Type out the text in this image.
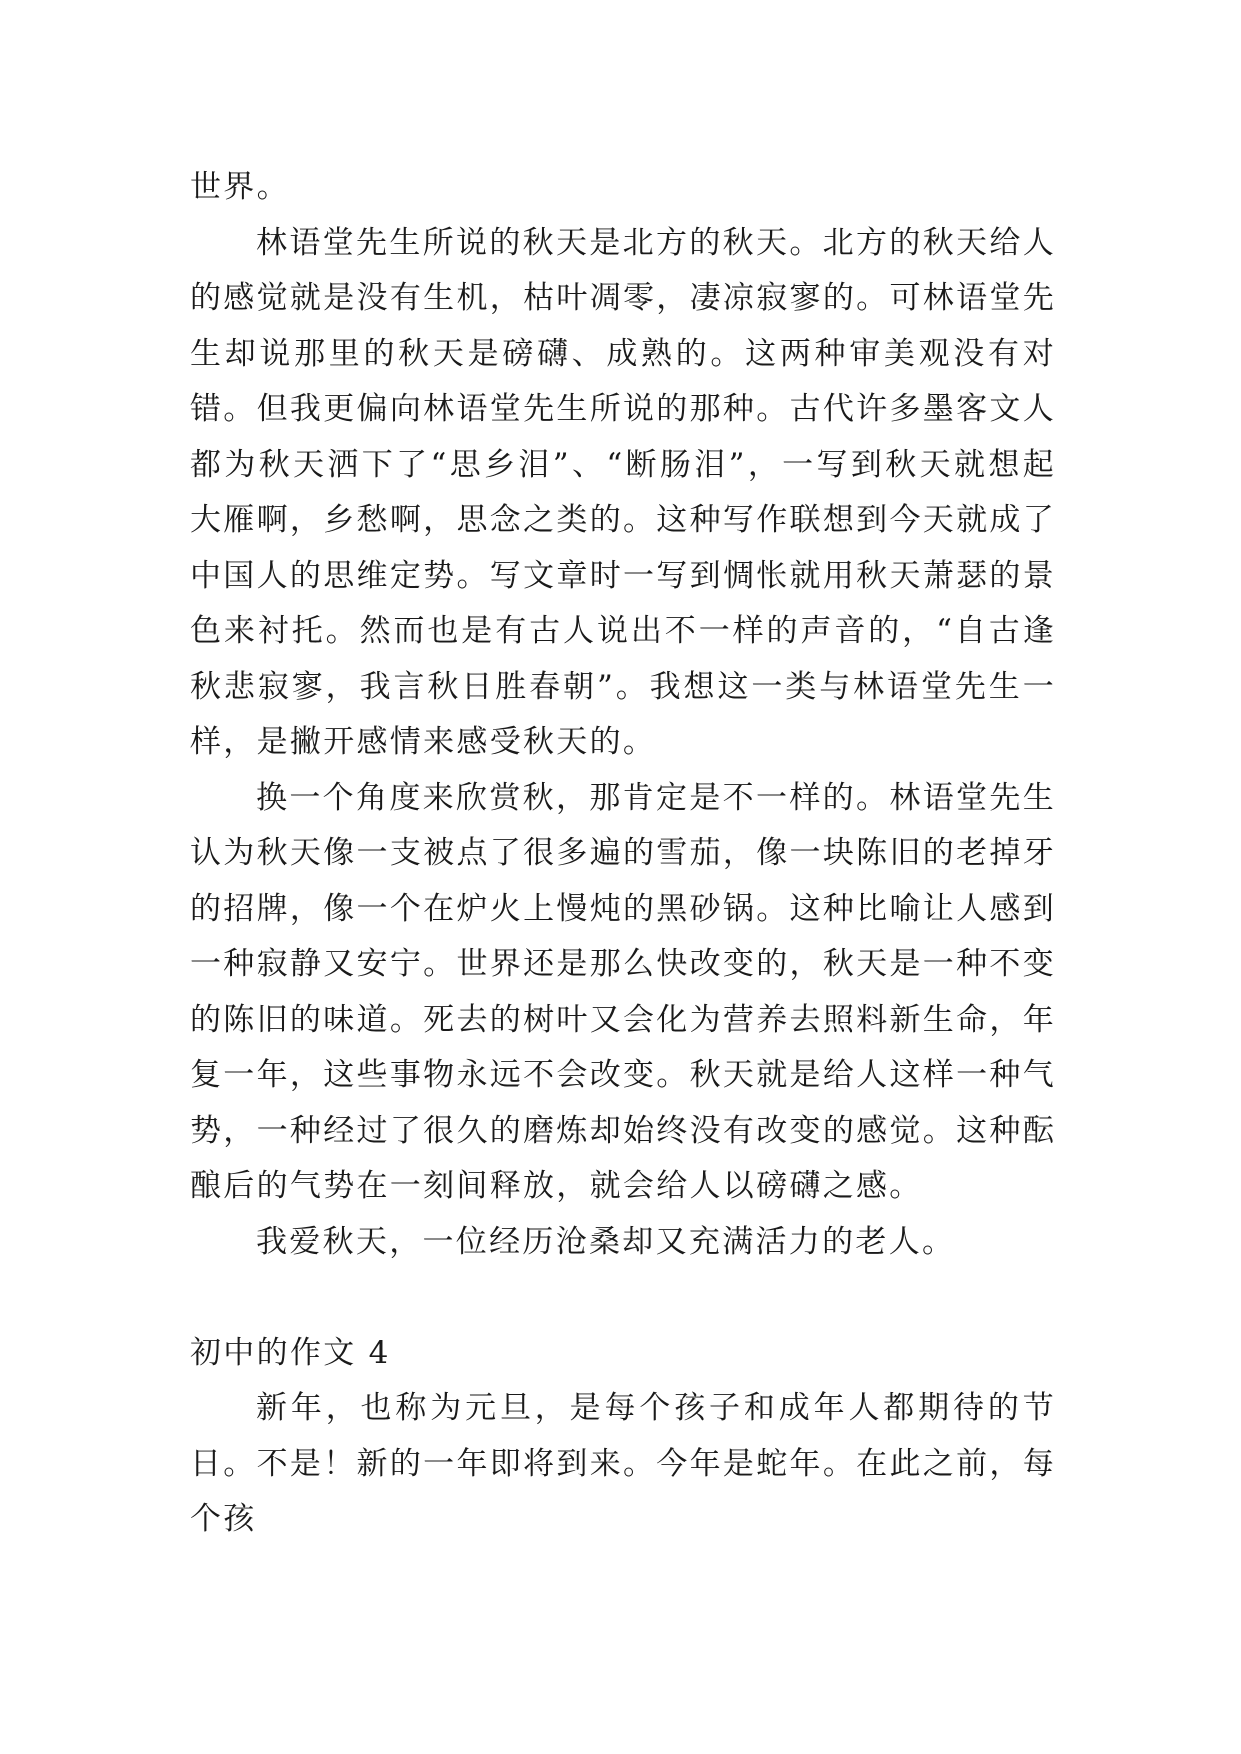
世界。

林语堂先生所说的秋天是北方的秋天。北方的秋天给人的感觉就是没有生机，枯叶凋零，凄凉寂寥的。可林语堂先生却说那里的秋天是磅礴、成熟的。这两种审美观没有对错。但我更偏向林语堂先生所说的那种。古代许多墨客文人都为秋天洒下了“思乡泪”、“断肠泪”，一写到秋天就想起大雁啊，乡愁啊，思念之类的。这种写作联想到今天就成了中国人的思维定势。写文章时一写到惆怅就用秋天萧瑟的景色来衬托。然而也是有古人说出不一样的声音的，“自古逢秋悲寂寥，我言秋日胜春朝”。我想这一类与林语堂先生一样，是撇开感情来感受秋天的。

换一个角度来欣赏秋，那肯定是不一样的。林语堂先生认为秋天像一支被点了很多遍的雪茄，像一块陈旧的老掉牙的招牌，像一个在炉火上慢炖的黑砂锅。这种比喻让人感到一种寂静又安宁。世界还是那么快改变的，秋天是一种不变的陈旧的味道。死去的树叶又会化为营养去照料新生命，年复一年，这些事物永远不会改变。秋天就是给人这样一种气势，一种经过了很久的磨炼却始终没有改变的感觉。这种酝酿后的气势在一刻间释放，就会给人以磅礴之感。

我爱秋天，一位经历沧桑却又充满活力的老人。

初中的作文 4

新年，也称为元旦，是每个孩子和成年人都期待的节日。不是！新的一年即将到来。今年是蛇年。在此之前，每个孩
